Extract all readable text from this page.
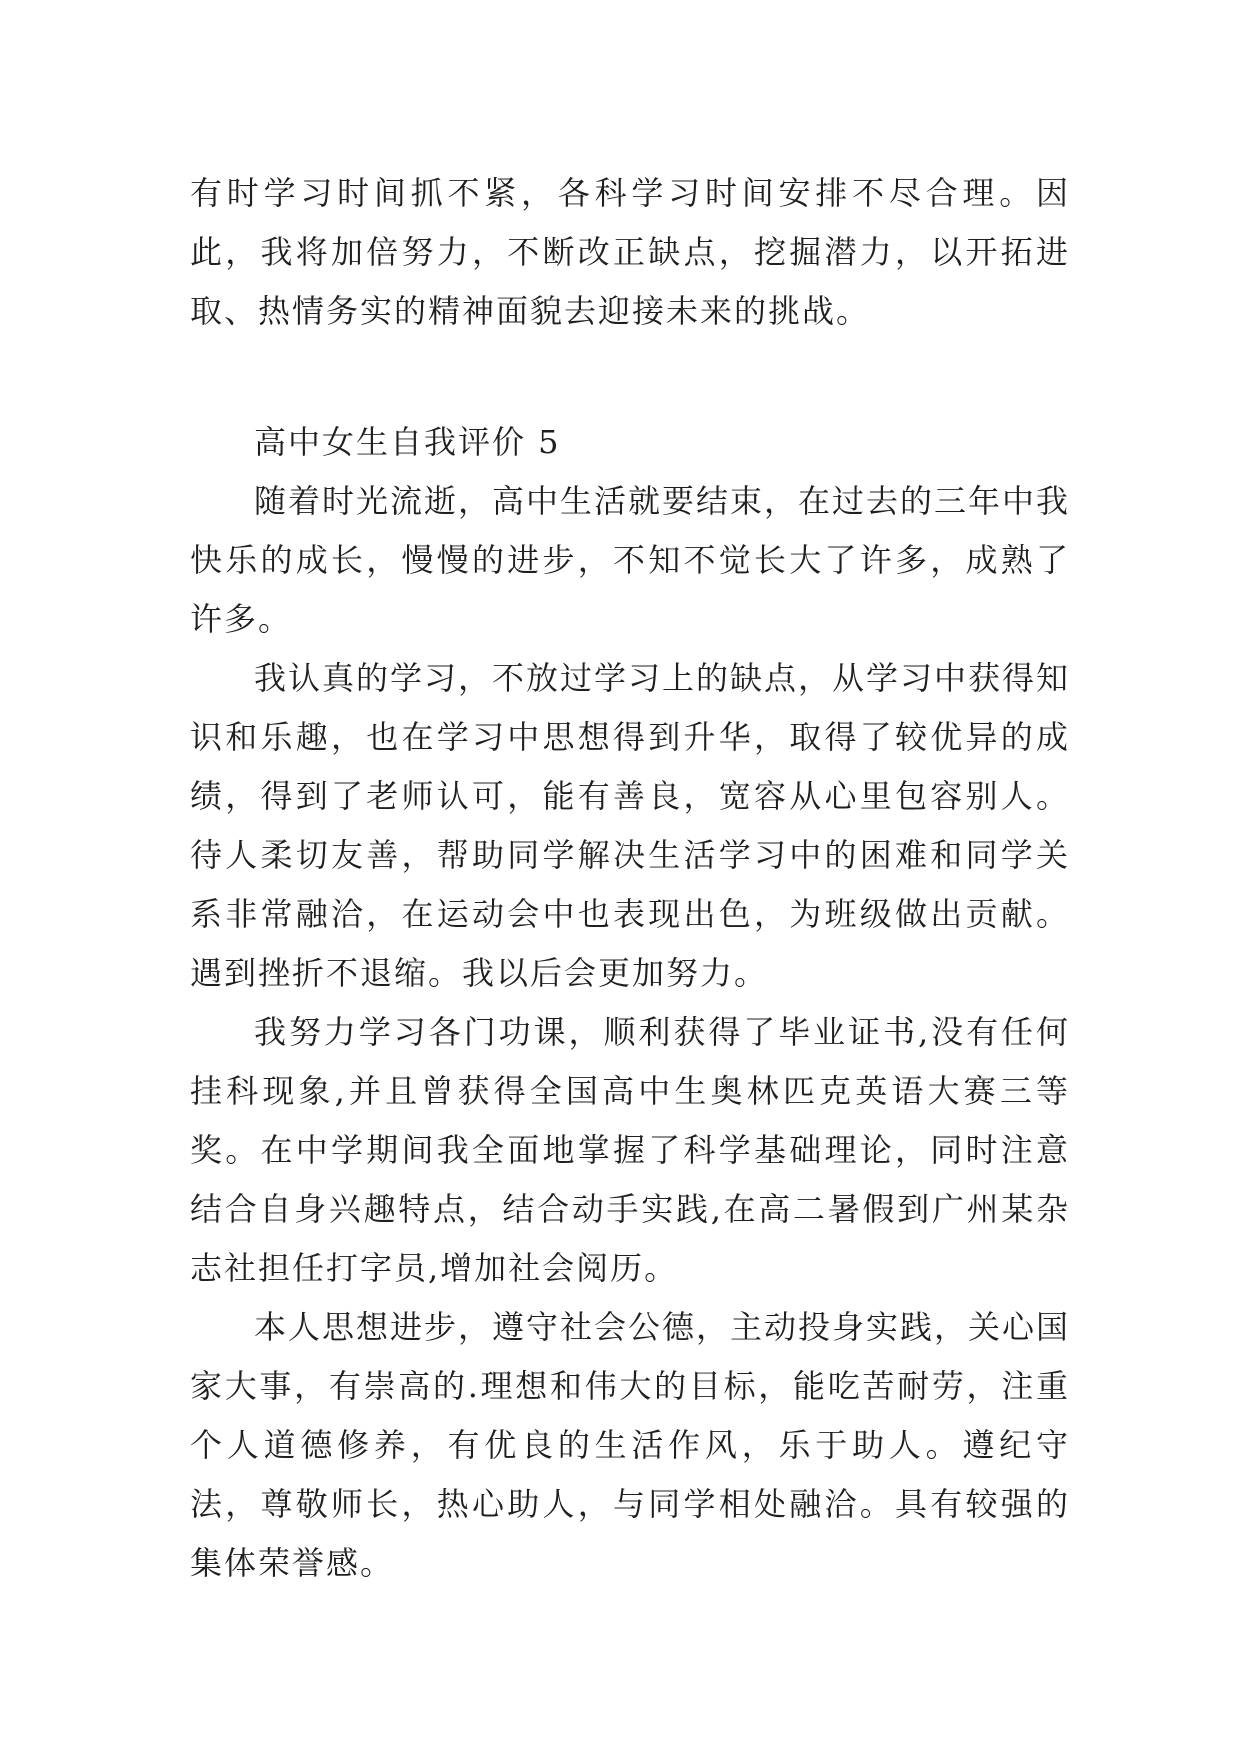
有时学习时间抓不紧，各科学习时间安排不尽合理。因此，我将加倍努力，不断改正缺点，挖掘潜力，以开拓进取、热情务实的精神面貌去迎接未来的挑战。

高中女生自我评价 5

随着时光流逝，高中生活就要结束，在过去的三年中我快乐的成长，慢慢的进步，不知不觉长大了许多，成熟了许多。

我认真的学习，不放过学习上的缺点，从学习中获得知识和乐趣，也在学习中思想得到升华，取得了较优异的成绩，得到了老师认可，能有善良，宽容从心里包容别人。待人柔切友善，帮助同学解决生活学习中的困难和同学关系非常融洽，在运动会中也表现出色，为班级做出贡献。遇到挫折不退缩。我以后会更加努力。

我努力学习各门功课，顺利获得了毕业证书,没有任何挂科现象,并且曾获得全国高中生奥林匹克英语大赛三等奖。在中学期间我全面地掌握了科学基础理论，同时注意结合自身兴趣特点，结合动手实践,在高二暑假到广州某杂志社担任打字员,增加社会阅历。

本人思想进步，遵守社会公德，主动投身实践，关心国家大事，有崇高的.理想和伟大的目标，能吃苦耐劳，注重个人道德修养，有优良的生活作风，乐于助人。遵纪守法，尊敬师长，热心助人，与同学相处融洽。具有较强的集体荣誉感。
